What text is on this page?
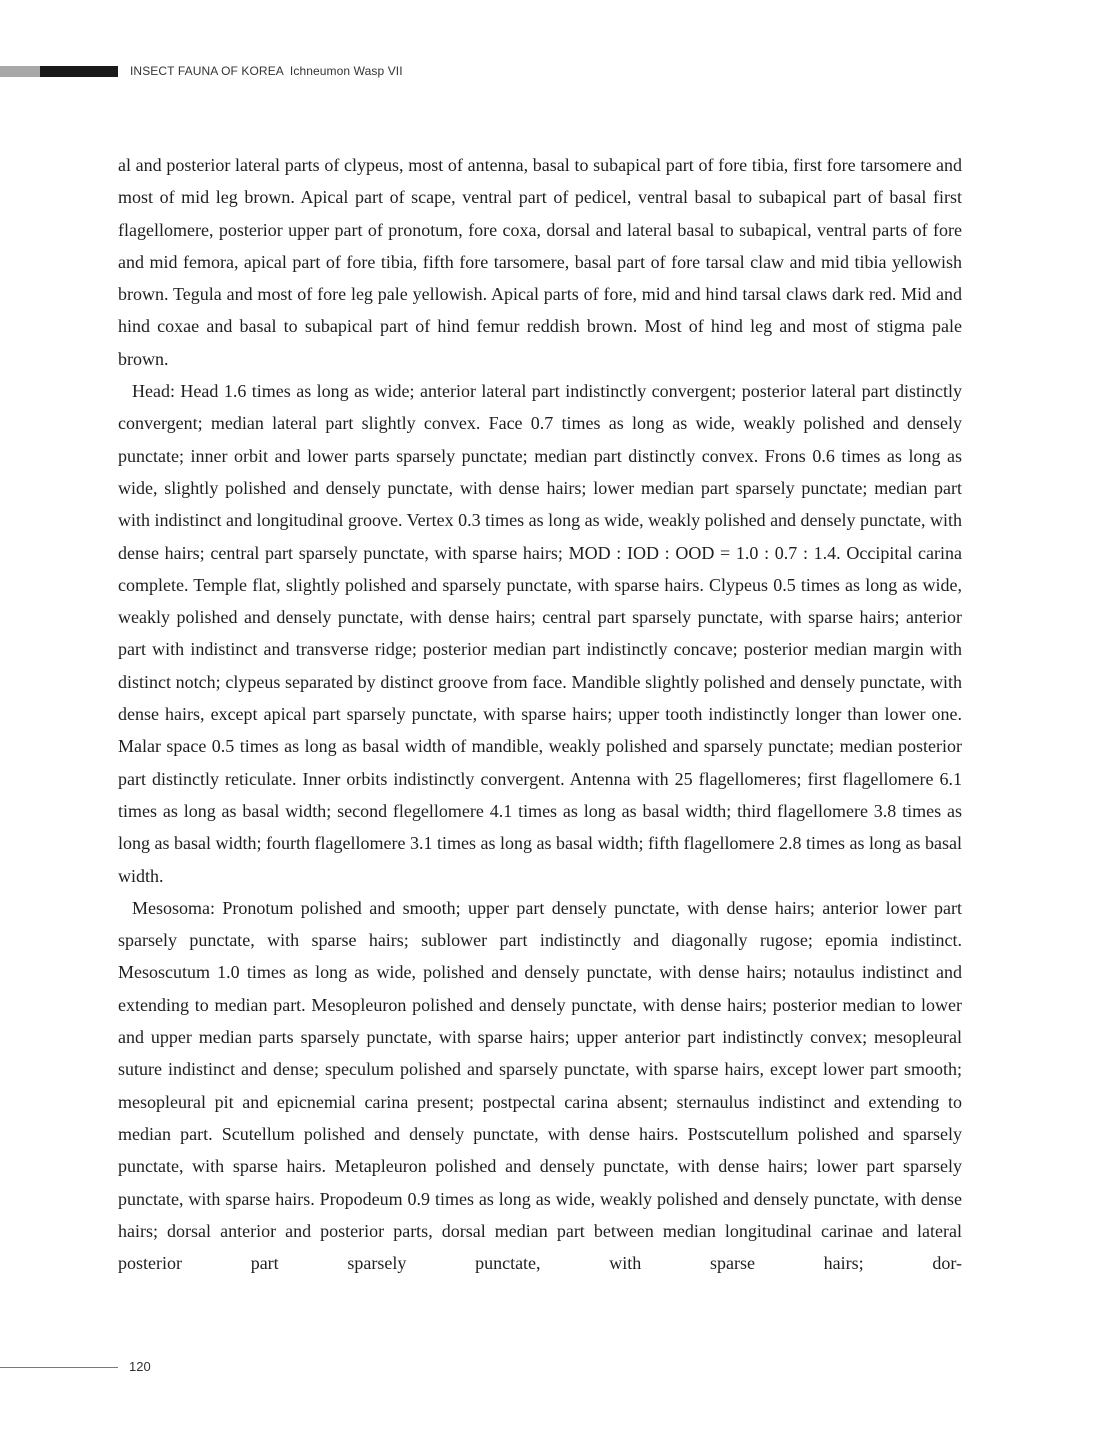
INSECT FAUNA OF KOREA Ichneumon Wasp VII

al and posterior lateral parts of clypeus, most of antenna, basal to subapical part of fore tibia, first fore tarsomere and most of mid leg brown. Apical part of scape, ventral part of pedicel, ventral basal to subapical part of basal first flagellomere, posterior upper part of pronotum, fore coxa, dorsal and lateral basal to subapical, ventral parts of fore and mid femora, apical part of fore tibia, fifth fore tarsomere, basal part of fore tarsal claw and mid tibia yellowish brown. Tegula and most of fore leg pale yellowish. Apical parts of fore, mid and hind tarsal claws dark red. Mid and hind coxae and basal to subapical part of hind femur reddish brown. Most of hind leg and most of stigma pale brown.

Head: Head 1.6 times as long as wide; anterior lateral part indistinctly convergent; posterior lateral part distinctly convergent; median lateral part slightly convex. Face 0.7 times as long as wide, weakly polished and densely punctate; inner orbit and lower parts sparsely punctate; median part distinctly convex. Frons 0.6 times as long as wide, slightly polished and densely punctate, with dense hairs; lower median part sparsely punctate; median part with indistinct and longitudinal groove. Vertex 0.3 times as long as wide, weakly polished and densely punctate, with dense hairs; central part sparsely punctate, with sparse hairs; MOD : IOD : OOD = 1.0 : 0.7 : 1.4. Occipital carina complete. Temple flat, slightly polished and sparsely punctate, with sparse hairs. Clypeus 0.5 times as long as wide, weakly polished and densely punctate, with dense hairs; central part sparsely punctate, with sparse hairs; anterior part with indistinct and transverse ridge; posterior median part indistinctly concave; posterior median margin with distinct notch; clypeus separated by distinct groove from face. Mandible slightly polished and densely punctate, with dense hairs, except apical part sparsely punctate, with sparse hairs; upper tooth indistinctly longer than lower one. Malar space 0.5 times as long as basal width of mandible, weakly polished and sparsely punctate; median posterior part distinctly reticulate. Inner orbits indistinctly convergent. Antenna with 25 flagellomeres; first flagellomere 6.1 times as long as basal width; second flegellomere 4.1 times as long as basal width; third flagellomere 3.8 times as long as basal width; fourth flagellomere 3.1 times as long as basal width; fifth flagellomere 2.8 times as long as basal width.

Mesosoma: Pronotum polished and smooth; upper part densely punctate, with dense hairs; anterior lower part sparsely punctate, with sparse hairs; sublower part indistinctly and diagonally rugose; epomia indistinct. Mesoscutum 1.0 times as long as wide, polished and densely punctate, with dense hairs; notaulus indistinct and extending to median part. Mesopleuron polished and densely punctate, with dense hairs; posterior median to lower and upper median parts sparsely punctate, with sparse hairs; upper anterior part indistinctly convex; mesopleural suture indistinct and dense; speculum polished and sparsely punctate, with sparse hairs, except lower part smooth; mesopleural pit and epicnemial carina present; postpectal carina absent; sternaulus indistinct and extending to median part. Scutellum polished and densely punctate, with dense hairs. Postscutellum polished and sparsely punctate, with sparse hairs. Metapleuron polished and densely punctate, with dense hairs; lower part sparsely punctate, with sparse hairs. Propodeum 0.9 times as long as wide, weakly polished and densely punctate, with dense hairs; dorsal anterior and posterior parts, dorsal median part between median longitudinal carinae and lateral posterior part sparsely punctate, with sparse hairs; dor-

120
